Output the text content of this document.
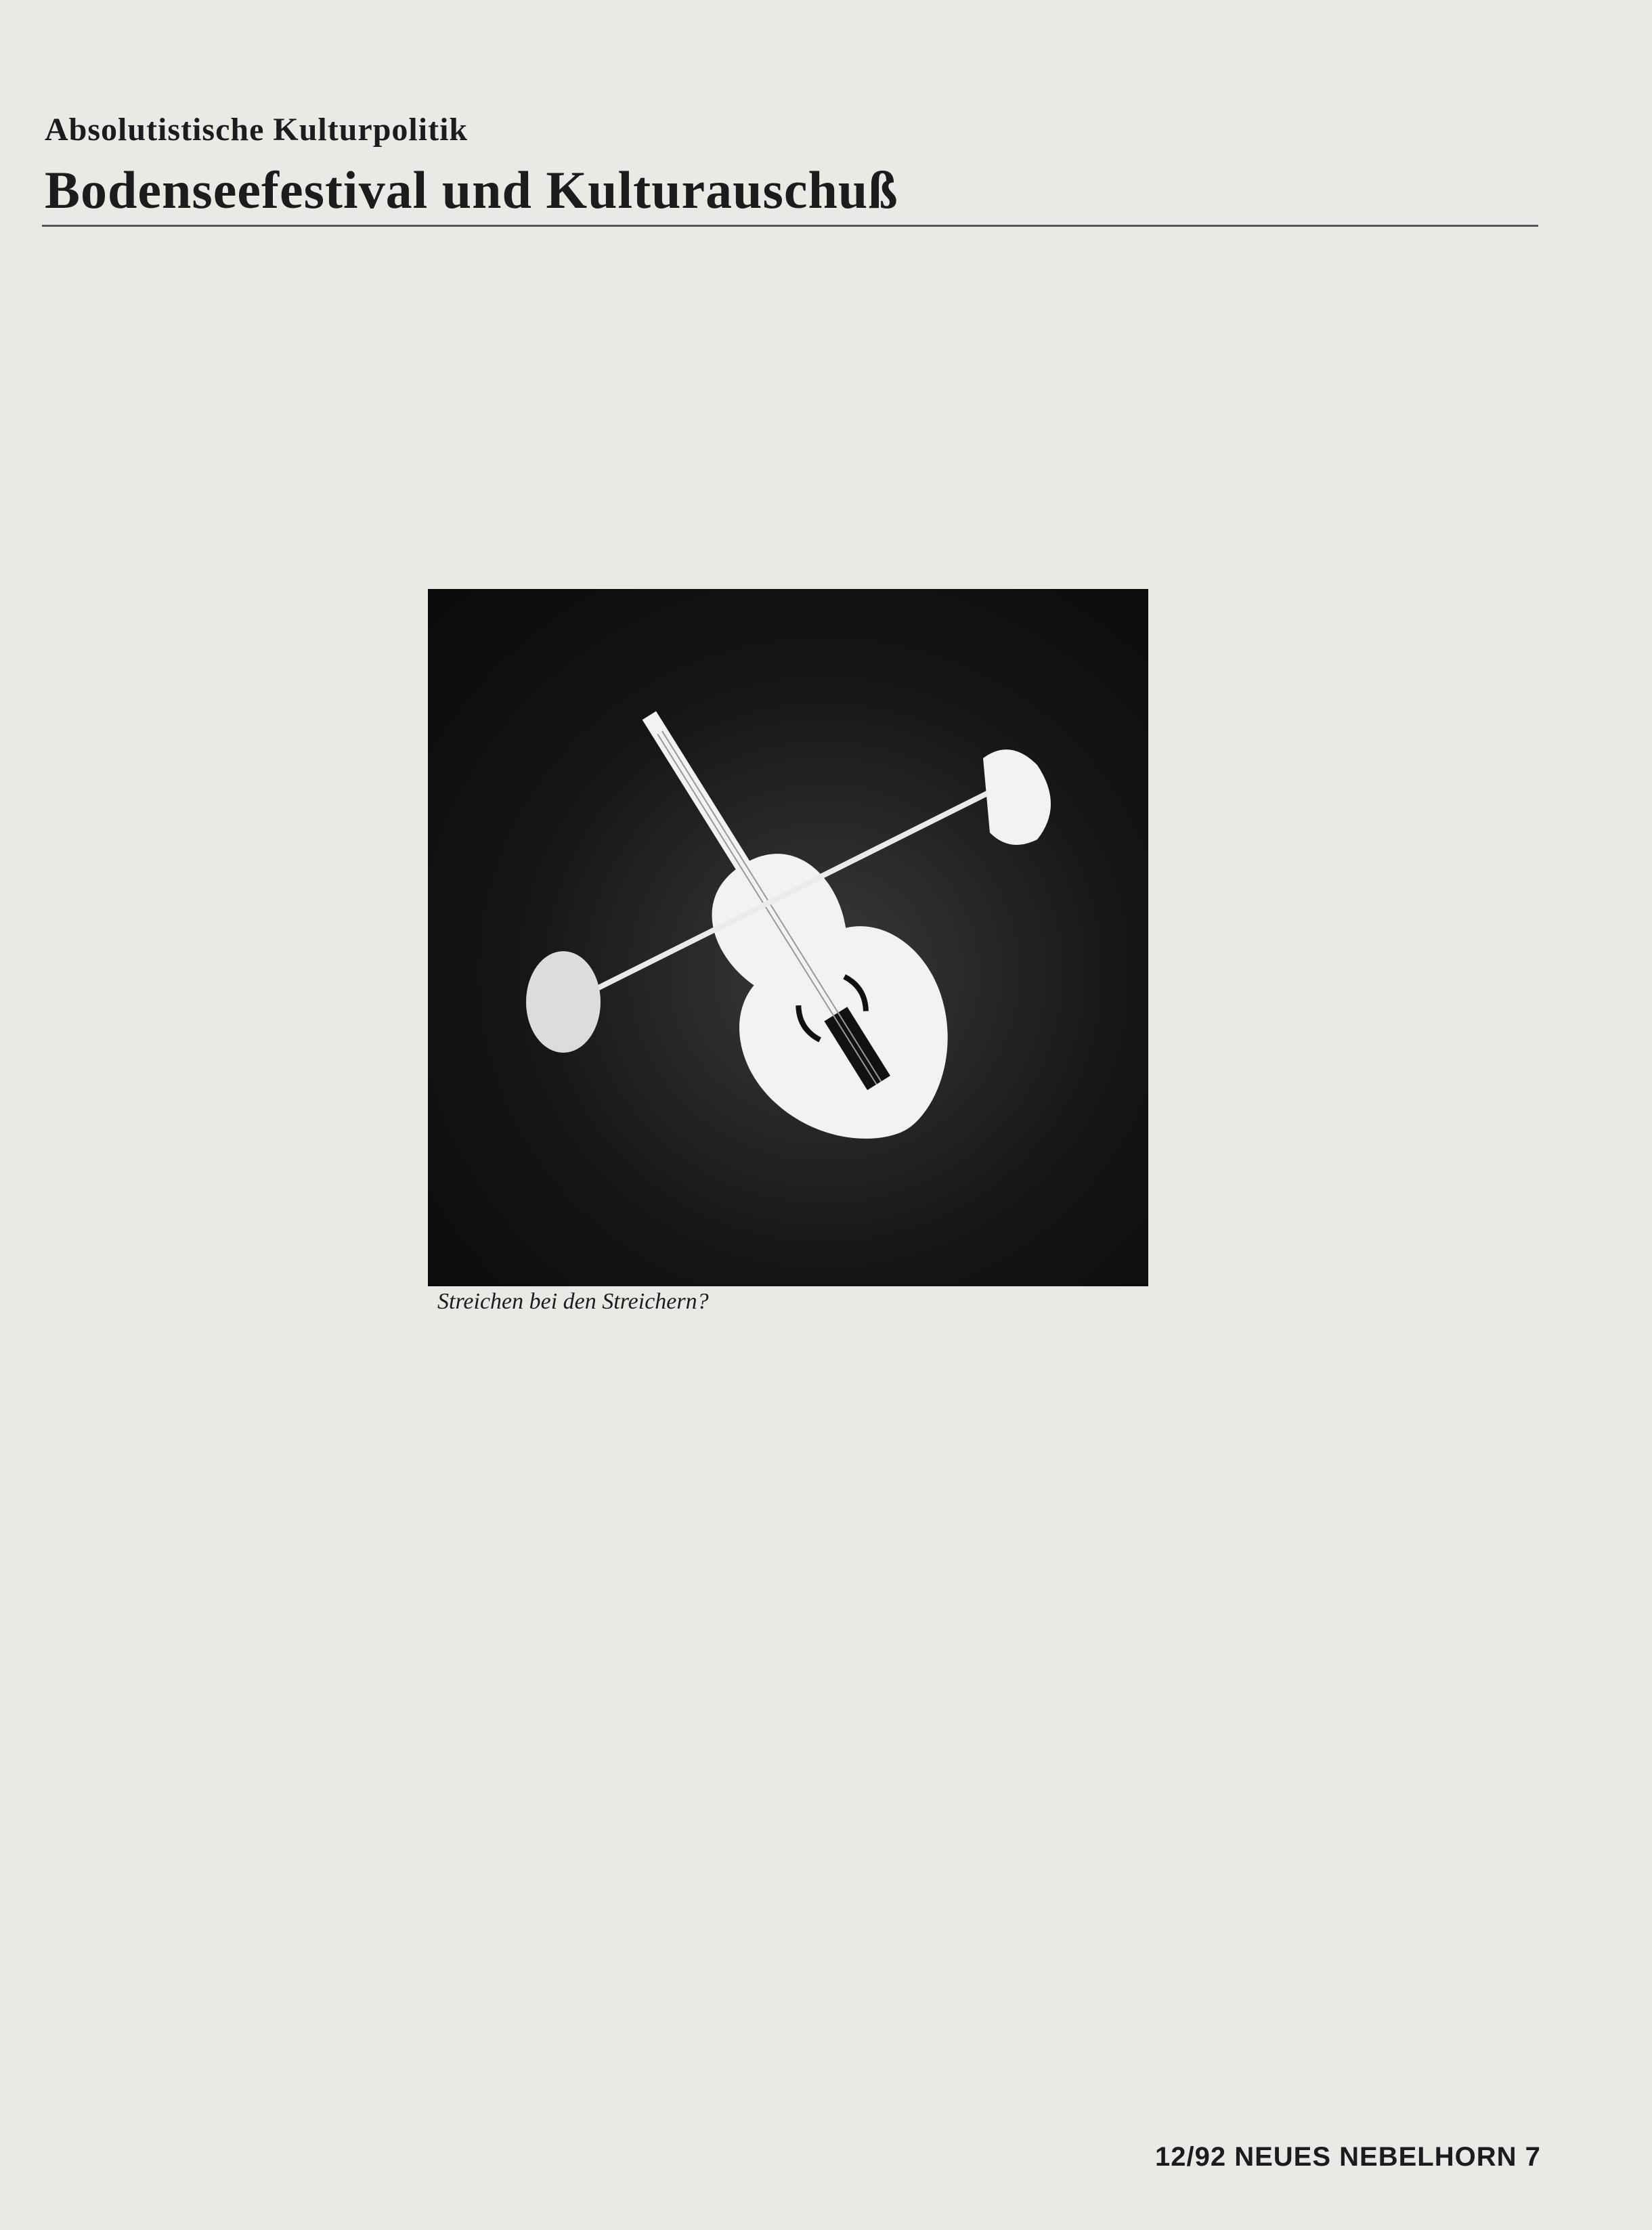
Absolutistische Kulturpolitik
Bodenseefestival und Kulturauschuß
Streichen bei den Streichern?
12/92 NEUES NEBELHORN 7
